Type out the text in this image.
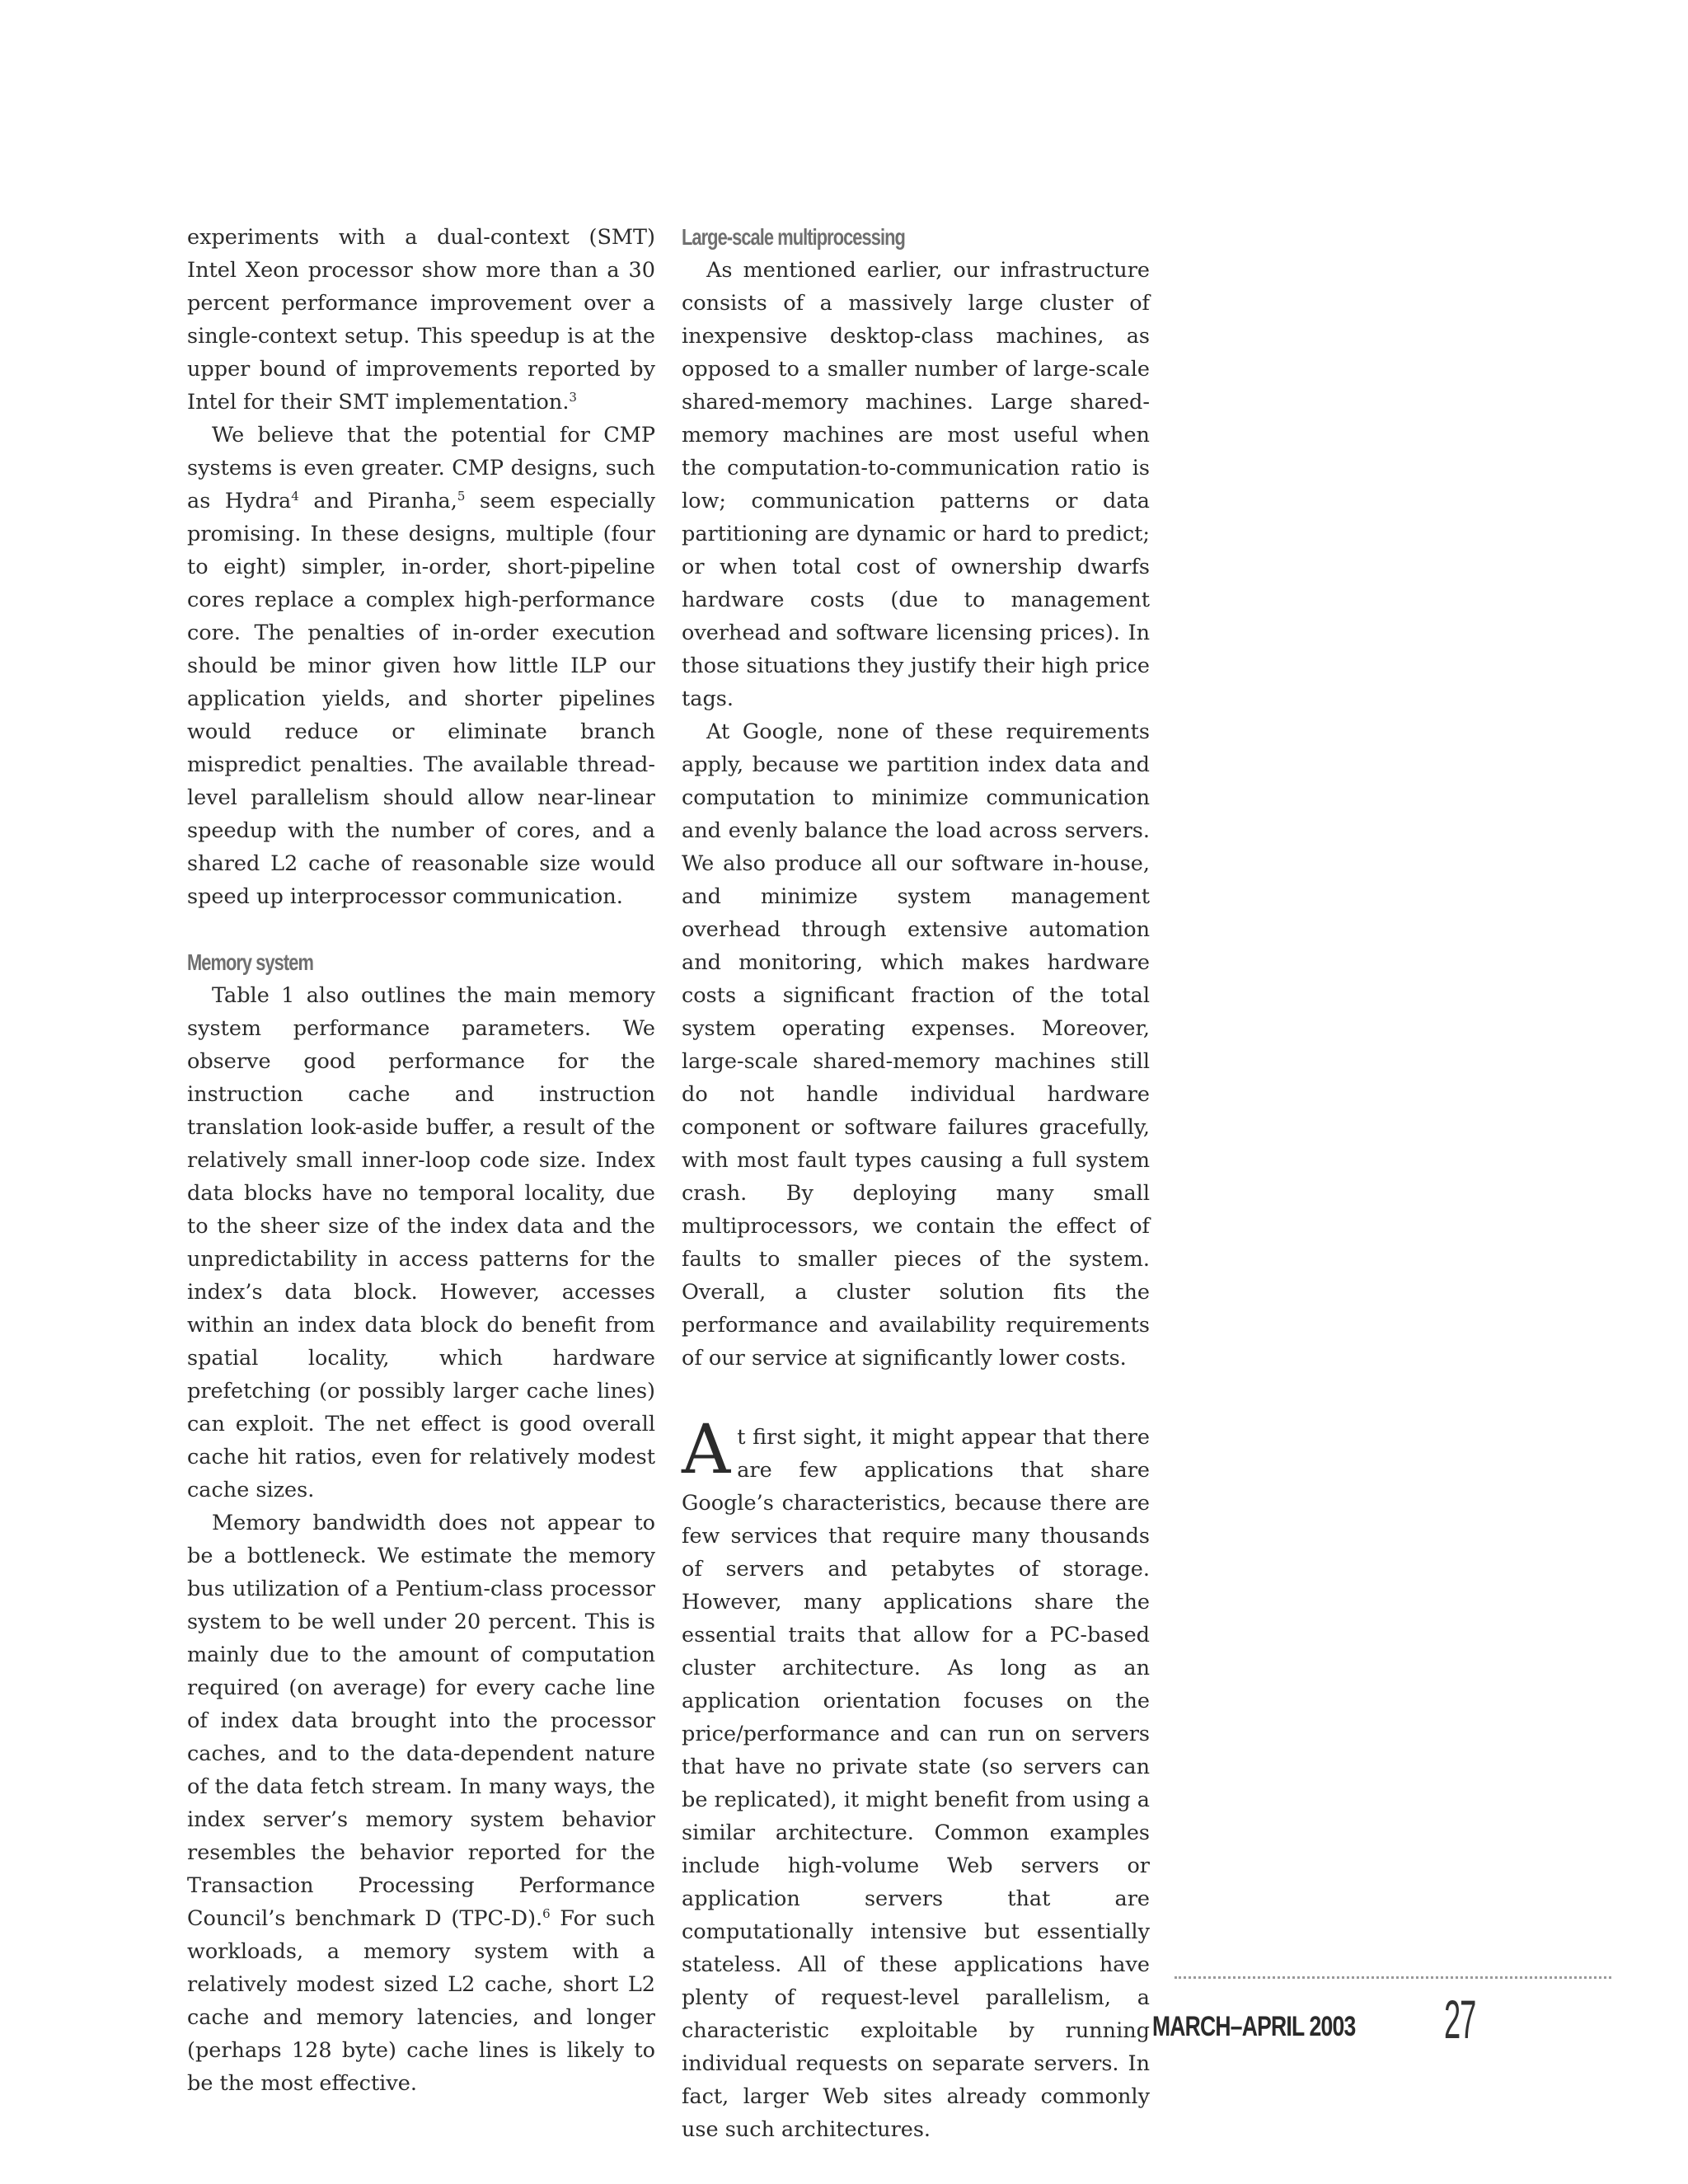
experiments with a dual-context (SMT) Intel Xeon processor show more than a 30 percent performance improvement over a single-context setup. This speedup is at the upper bound of improvements reported by Intel for their SMT implementation.$^3$

We believe that the potential for CMP systems is even greater. CMP designs, such as Hydra$^4$ and Piranha,$^5$ seem especially promising. In these designs, multiple (four to eight) simpler, in-order, short-pipeline cores replace a complex high-performance core. The penalties of in-order execution should be minor given how little ILP our application yields, and shorter pipelines would reduce or eliminate branch mispredict penalties. The available thread-level parallelism should allow near-linear speedup with the number of cores, and a shared L2 cache of reasonable size would speed up interprocessor communication.

Memory system

Table 1 also outlines the main memory system performance parameters. We observe good performance for the instruction cache and instruction translation look-aside buffer, a result of the relatively small inner-loop code size. Index data blocks have no temporal locality, due to the sheer size of the index data and the unpredictability in access patterns for the index’s data block. However, accesses within an index data block do benefit from spatial locality, which hardware prefetching (or possibly larger cache lines) can exploit. The net effect is good overall cache hit ratios, even for relatively modest cache sizes.

Memory bandwidth does not appear to be a bottleneck. We estimate the memory bus utilization of a Pentium-class processor system to be well under 20 percent. This is mainly due to the amount of computation required (on average) for every cache line of index data brought into the processor caches, and to the data-dependent nature of the data fetch stream. In many ways, the index server’s memory system behavior resembles the behavior reported for the Transaction Processing Performance Council’s benchmark D (TPC-D).$^6$ For such workloads, a memory system with a relatively modest sized L2 cache, short L2 cache and memory latencies, and longer (perhaps 128 byte) cache lines is likely to be the most effective.

Large-scale multiprocessing

As mentioned earlier, our infrastructure consists of a massively large cluster of inexpensive desktop-class machines, as opposed to a smaller number of large-scale shared-memory machines. Large shared-memory machines are most useful when the computation-to-communication ratio is low; communication patterns or data partitioning are dynamic or hard to predict; or when total cost of ownership dwarfs hardware costs (due to management overhead and software licensing prices). In those situations they justify their high price tags.

At Google, none of these requirements apply, because we partition index data and computation to minimize communication and evenly balance the load across servers. We also produce all our software in-house, and minimize system management overhead through extensive automation and monitoring, which makes hardware costs a significant fraction of the total system operating expenses. Moreover, large-scale shared-memory machines still do not handle individual hardware component or software failures gracefully, with most fault types causing a full system crash. By deploying many small multiprocessors, we contain the effect of faults to smaller pieces of the system. Overall, a cluster solution fits the performance and availability requirements of our service at significantly lower costs.

At first sight, it might appear that there are few applications that share Google’s characteristics, because there are few services that require many thousands of servers and petabytes of storage. However, many applications share the essential traits that allow for a PC-based cluster architecture. As long as an application orientation focuses on the price/performance and can run on servers that have no private state (so servers can be replicated), it might benefit from using a similar architecture. Common examples include high-volume Web servers or application servers that are computationally intensive but essentially stateless. All of these applications have plenty of request-level parallelism, a characteristic exploitable by running individual requests on separate servers. In fact, larger Web sites already commonly use such architectures.

MARCH–APRIL 2003 27
